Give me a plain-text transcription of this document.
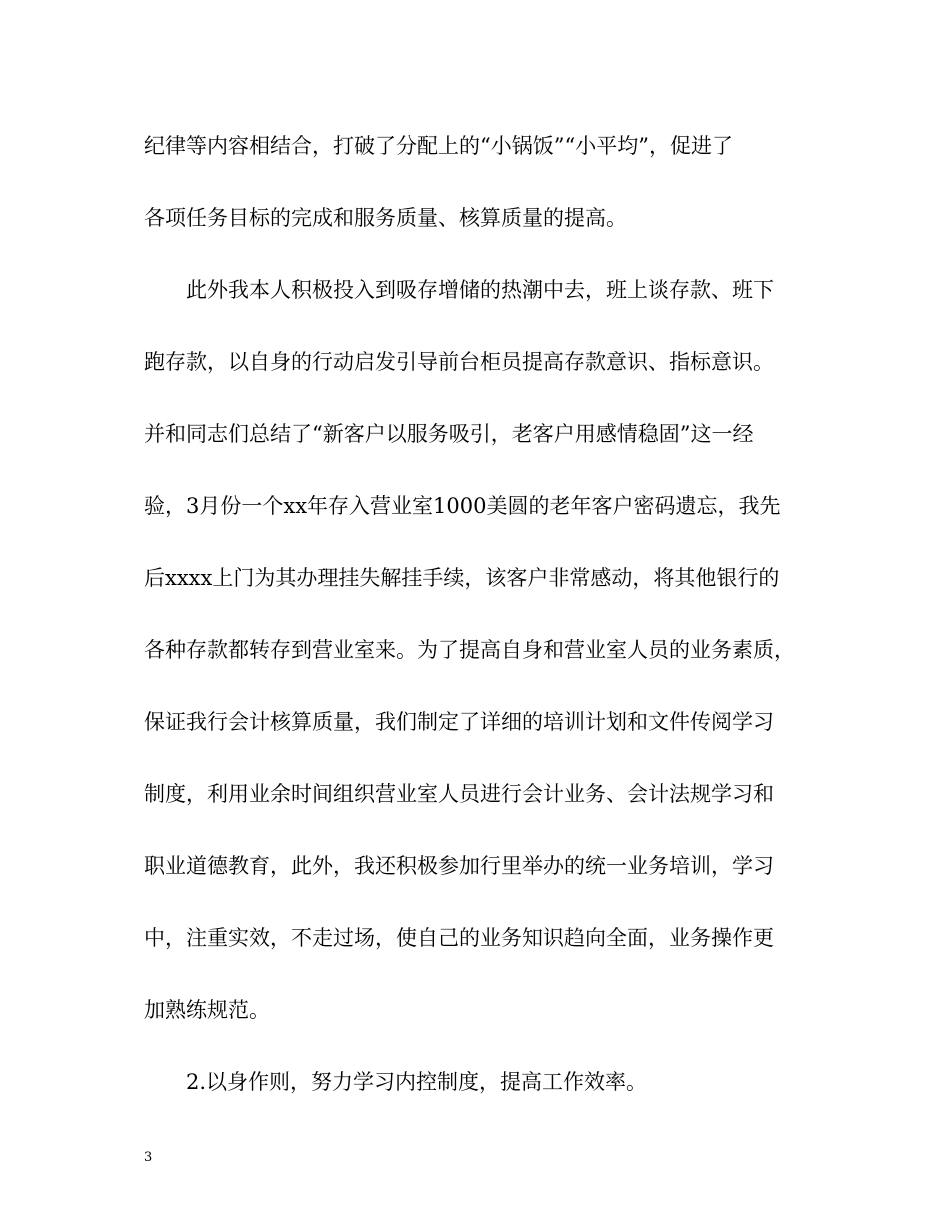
纪律等内容相结合，打破了分配上的“小锅饭”“小平均”，促进了
各项任务目标的完成和服务质量、核算质量的提高。
此外我本人积极投入到吸存增储的热潮中去，班上谈存款、班下
跑存款，以自身的行动启发引导前台柜员提高存款意识、指标意识。
并和同志们总结了“新客户以服务吸引，老客户用感情稳固”这一经
验，3月份一个xx年存入营业室1000美圆的老年客户密码遗忘，我先
后xxxx上门为其办理挂失解挂手续，该客户非常感动，将其他银行的
各种存款都转存到营业室来。为了提高自身和营业室人员的业务素质，
保证我行会计核算质量，我们制定了详细的培训计划和文件传阅学习
制度，利用业余时间组织营业室人员进行会计业务、会计法规学习和
职业道德教育，此外，我还积极参加行里举办的统一业务培训，学习
中，注重实效，不走过场，使自己的业务知识趋向全面，业务操作更
加熟练规范。
2.以身作则，努力学习内控制度，提高工作效率。
3
